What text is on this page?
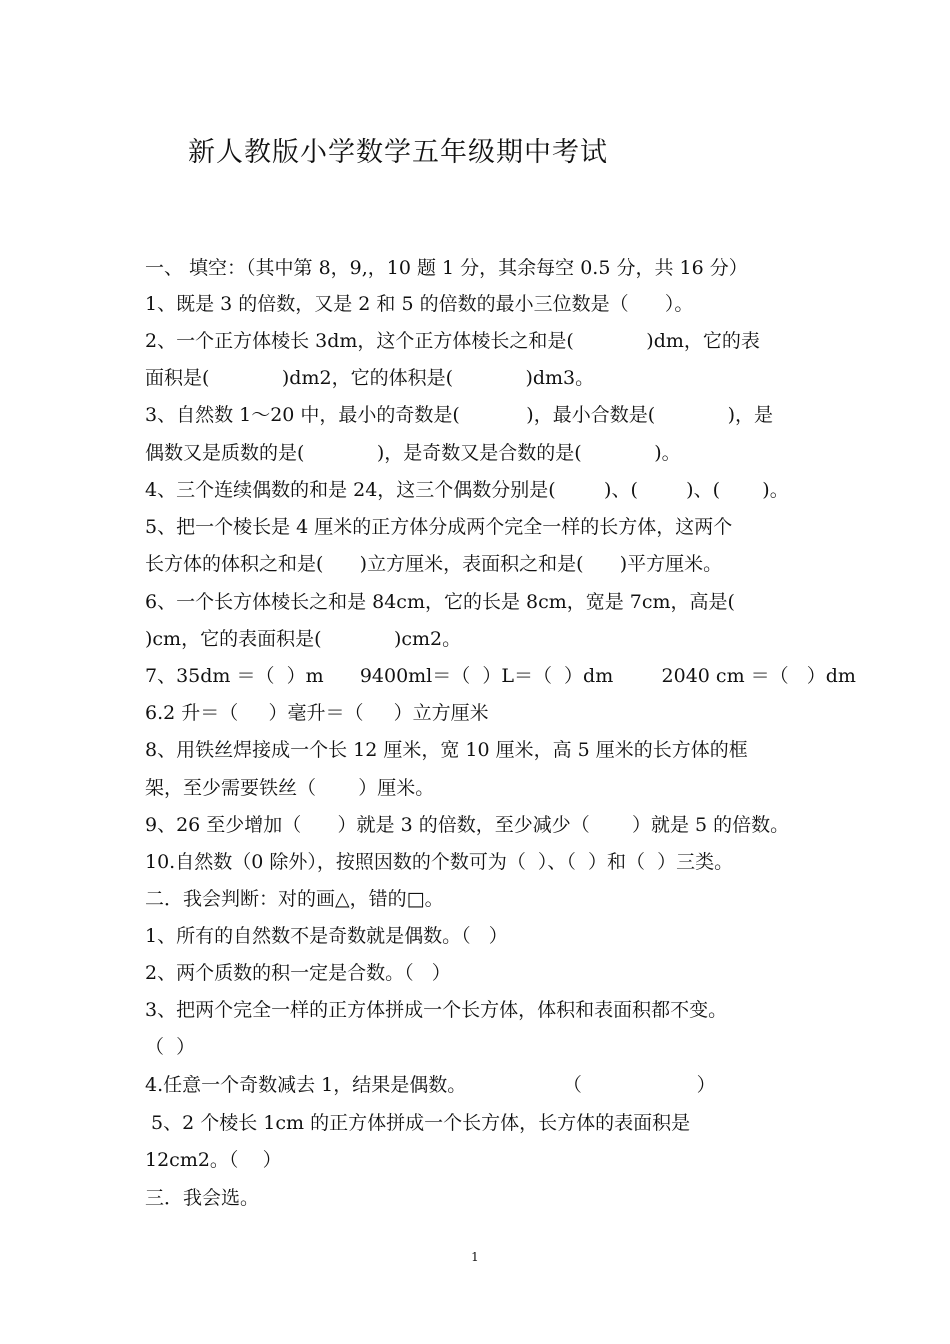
新人教版小学数学五年级期中考试
一、 填空：（其中第 8，9,，10 题 1 分，其余每空 0.5 分，共 16 分）
1、既是 3 的倍数，又是 2 和 5 的倍数的最小三位数是（      ）。
2、一个正方体棱长 3dm，这个正方体棱长之和是(            )dm，它的表
面积是(            )dm2，它的体积是(            )dm3。
3、自然数 1～20 中，最小的奇数是(           )，最小合数是(            )，是
偶数又是质数的是(            )，是奇数又是合数的是(            )。
4、三个连续偶数的和是 24，这三个偶数分别是(        )、(        )、(       )。
5、把一个棱长是 4 厘米的正方体分成两个完全一样的长方体，这两个
长方体的体积之和是(      )立方厘米，表面积之和是(      )平方厘米。
6、一个长方体棱长之和是 84cm，它的长是 8cm，宽是 7cm，高是(
)cm，它的表面积是(            )cm2。
7、35dm ＝（  ）m      9400ml＝（  ）L＝（  ）dm        2040 cm ＝（   ）dm
6.2 升＝（     ）毫升＝（     ）立方厘米
8、用铁丝焊接成一个长 12 厘米，宽 10 厘米，高 5 厘米的长方体的框
架，至少需要铁丝（       ）厘米。
9、26 至少增加（      ）就是 3 的倍数，至少减少（       ）就是 5 的倍数。
10.自然数（0 除外），按照因数的个数可为（  ）、（  ）和（  ）三类。
二．我会判断：对的画△，错的□。
1、所有的自然数不是奇数就是偶数。（   ）
2、两个质数的积一定是合数。（   ）
3、把两个完全一样的正方体拼成一个长方体，体积和表面积都不变。
（  ）
4.任意一个奇数减去 1，结果是偶数。                （                   ）
5、2 个棱长 1cm 的正方体拼成一个长方体，长方体的表面积是
12cm2。（    ）
三．我会选。
1
